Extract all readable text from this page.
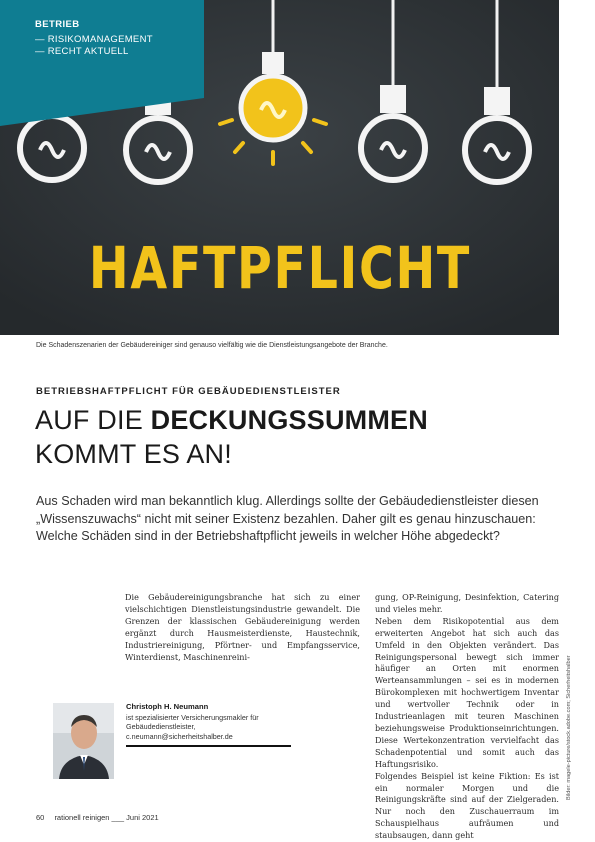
BETRIEB
— RISIKOMANAGEMENT
— RECHT AKTUELL
HAFTPFLICHT
Die Schadenszenarien der Gebäudereiniger sind genauso vielfältig wie die Dienstleistungsangebote der Branche.
BETRIEBSHAFTPFLICHT FÜR GEBÄUDEDIENSTLEISTER
AUF DIE DECKUNGSSUMMEN
KOMMT ES AN!

Aus Schaden wird man bekanntlich klug. Allerdings sollte der Gebäudedienstleister diesen „Wissenszuwachs“ nicht mit seiner Existenz bezahlen. Daher gilt es genau hinzuschauen: Welche Schäden sind in der Betriebshaftpflicht jeweils in welcher Höhe abgedeckt?

Die Gebäudereinigungsbranche hat sich zu einer vielschichtigen Dienstleistungsindustrie gewandelt. Die Grenzen der klassischen Gebäudereinigung werden ergänzt durch Hausmeisterdienste, Haustechnik, Industriereinigung, Pförtner- und Empfangsservice, Winterdienst, Maschinenreini-

gung, OP-Reinigung, Desinfektion, Catering und vieles mehr.

Neben dem Risikopotential aus dem erweiterten Angebot hat sich auch das Umfeld in den Objekten verändert. Das Reinigungspersonal bewegt sich immer häufiger an Orten mit enormen Werteansammlungen – sei es in modernen Bürokomplexen mit hochwertigem Inventar und wertvoller Technik oder in Industrieanlagen mit teuren Maschinen beziehungsweise Produktionseinrichtungen. Diese Wertekonzentration vervielfacht das Schadenpotential und somit auch das Haftungsrisiko.

Folgendes Beispiel ist keine Fiktion: Es ist ein normaler Morgen und die Reinigungskräfte sind auf der Zielgeraden. Nur noch den Zuschauerraum im Schauspielhaus aufräumen und staubsaugen, dann geht

Christoph H. Neumann
ist spezialisierter Versicherungsmakler für
Gebäudedienstleister,
c.neumann@sicherheitshalber.de	Bilder: magele-picture/stock.adobe.com; Sicherheitshalber
60 rationell reinigen ___ Juni 2021
